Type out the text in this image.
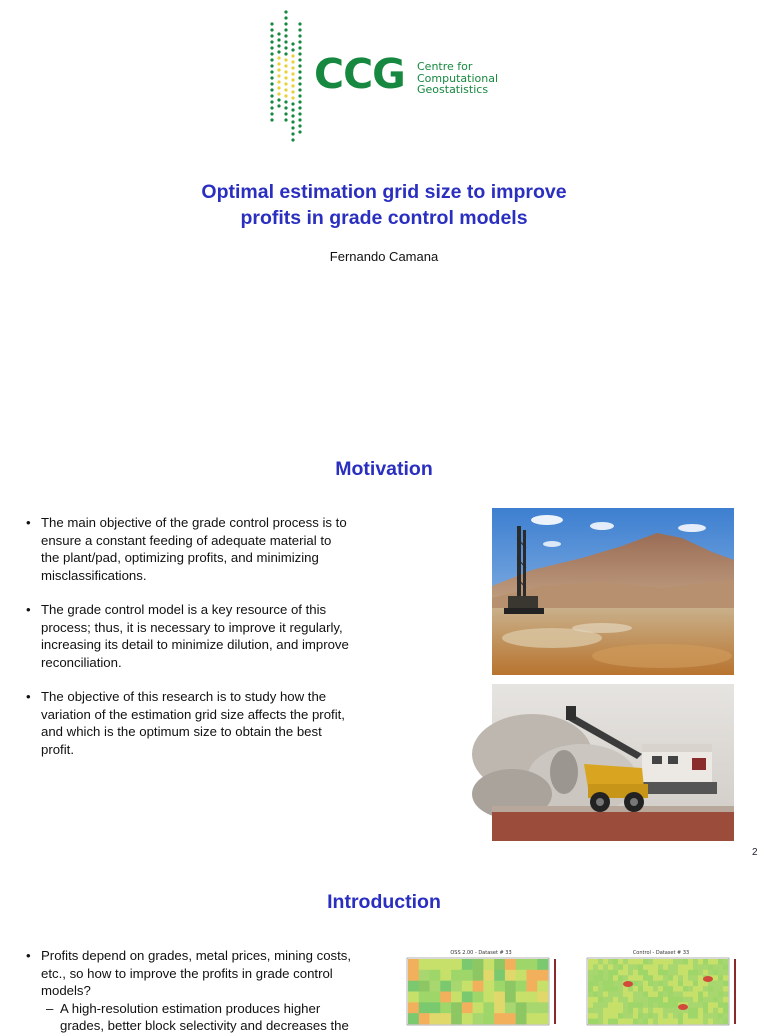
CCG Centre for
Computational
Geostatistics
Optimal estimation grid size to improve
profits in grade control models
Fernando Camana
Motivation
• The main objective of the grade control process is to
ensure a constant feeding of adequate material to
the plant/pad, optimizing profits, and minimizing
misclassifications.
• The grade control model is a key resource of this
process; thus, it is necessary to improve it regularly,
increasing its detail to minimize dilution, and improve
reconciliation.
• The objective of this research is to study how the
variation of the estimation grid size affects the profit,
and which is the optimum size to obtain the best
profit.
2
Introduction
• Profits depend on grades, metal prices, mining costs,
etc., so how to improve the profits in grade control
models?
– A high-resolution estimation produces higher
grades, better block selectivity and decreases the
OSS 2.00 - Dataset # 33	Control - Dataset # 33
